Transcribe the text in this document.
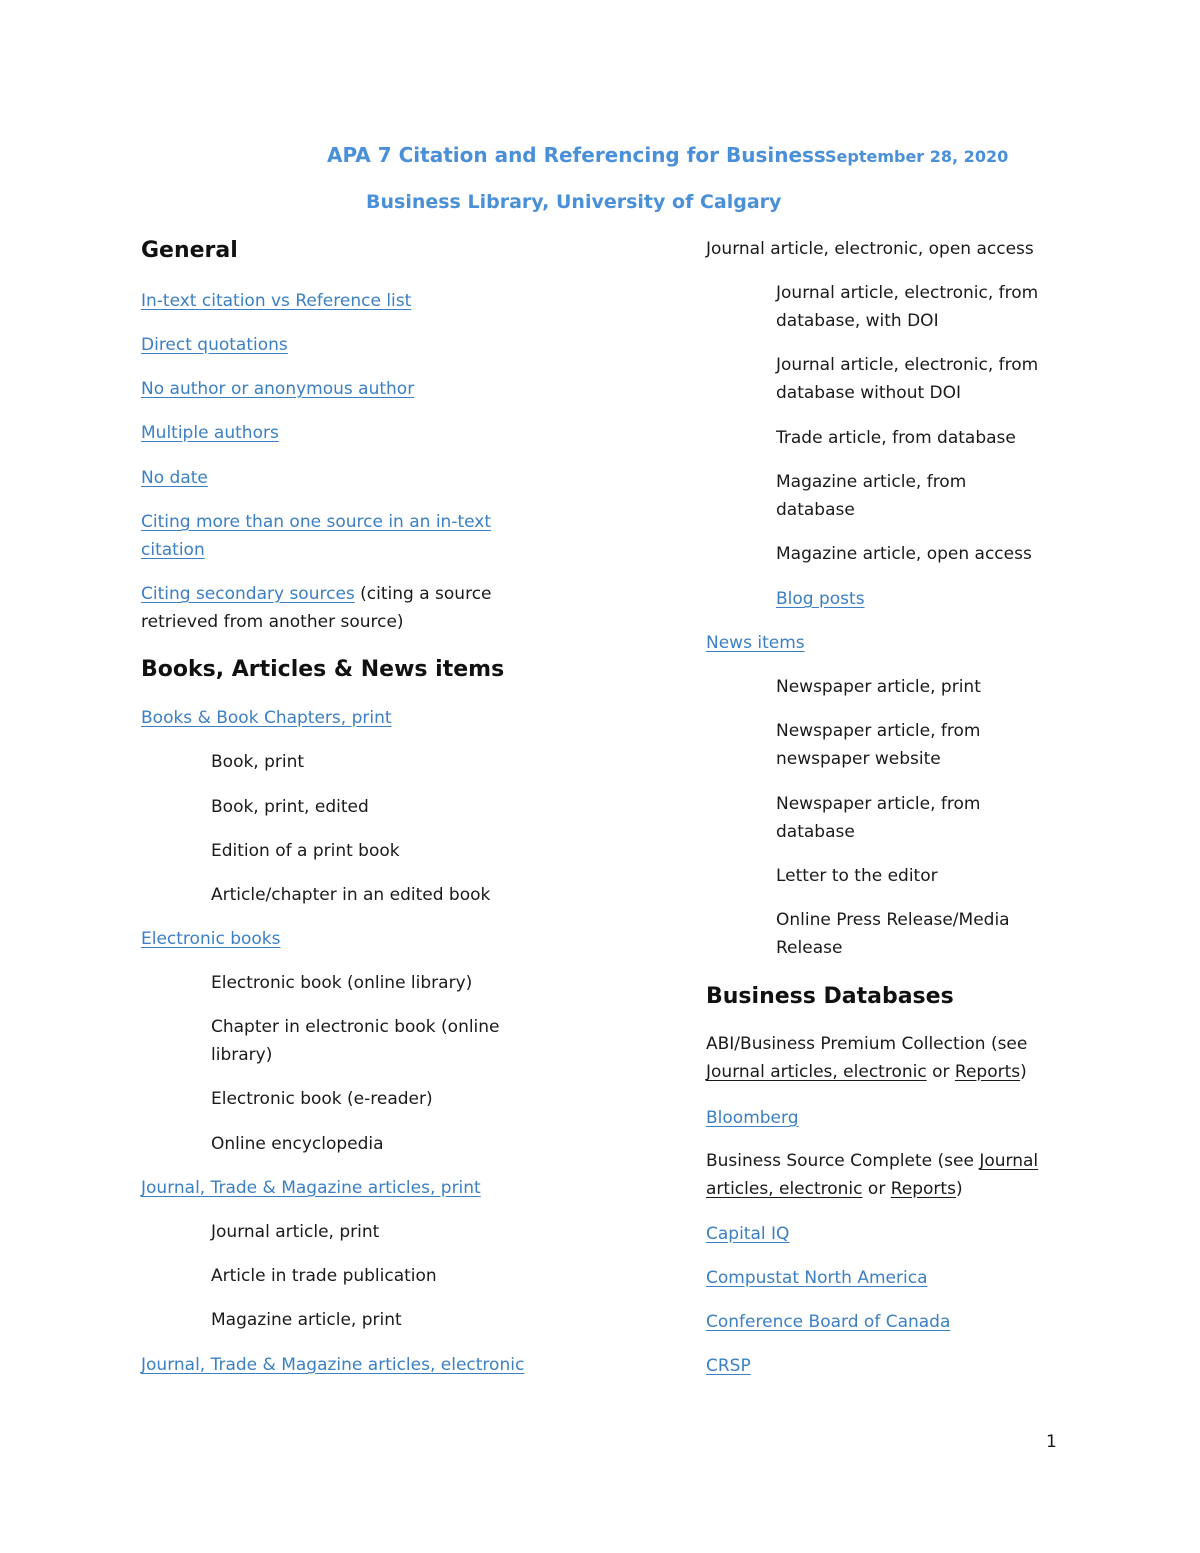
APA 7 Citation and Referencing for Business September 28, 2020
Business Library, University of Calgary
General
In-text citation vs Reference list
Direct quotations
No author or anonymous author
Multiple authors
No date
Citing more than one source in an in-text citation
Citing secondary sources (citing a source retrieved from another source)
Books, Articles & News items
Books & Book Chapters, print
Book, print
Book, print, edited
Edition of a print book
Article/chapter in an edited book
Electronic books
Electronic book (online library)
Chapter in electronic book (online library)
Electronic book (e-reader)
Online encyclopedia
Journal, Trade & Magazine articles, print
Journal article, print
Article in trade publication
Magazine article, print
Journal, Trade & Magazine articles, electronic
Journal article, electronic, open access
Journal article, electronic, from database, with DOI
Journal article, electronic, from database without DOI
Trade article, from database
Magazine article, from database
Magazine article, open access
Blog posts
News items
Newspaper article, print
Newspaper article, from newspaper website
Newspaper article, from database
Letter to the editor
Online Press Release/Media Release
Business Databases
ABI/Business Premium Collection (see Journal articles, electronic or Reports)
Bloomberg
Business Source Complete (see Journal articles, electronic or Reports)
Capital IQ
Compustat North America
Conference Board of Canada
CRSP
1
